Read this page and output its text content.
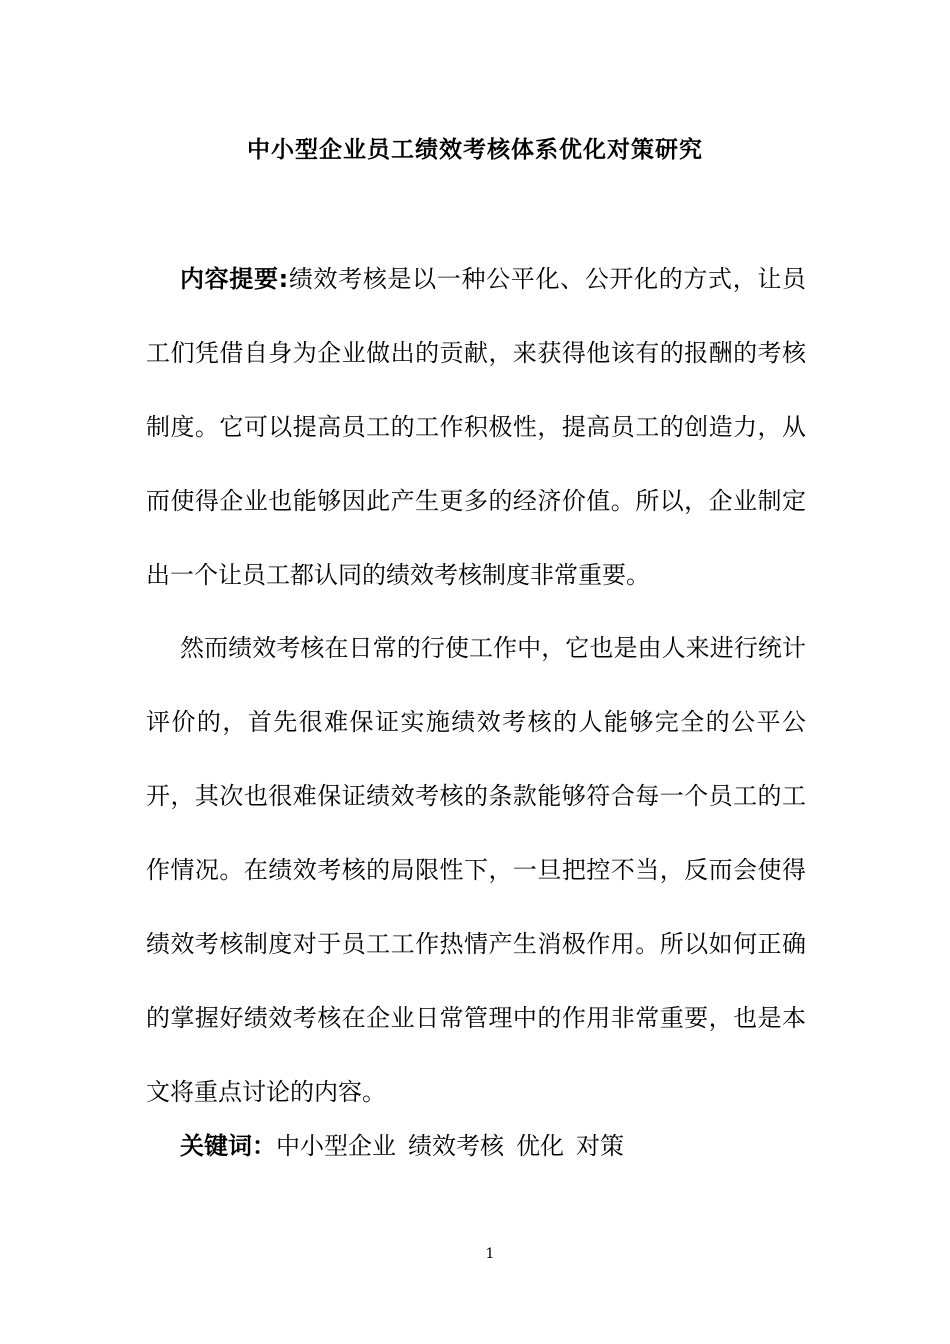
中小型企业员工绩效考核体系优化对策研究
内容提要:绩效考核是以一种公平化、公开化的方式，让员工们凭借自身为企业做出的贡献，来获得他该有的报酬的考核制度。它可以提高员工的工作积极性，提高员工的创造力，从而使得企业也能够因此产生更多的经济价值。所以，企业制定出一个让员工都认同的绩效考核制度非常重要。
然而绩效考核在日常的行使工作中，它也是由人来进行统计评价的，首先很难保证实施绩效考核的人能够完全的公平公开，其次也很难保证绩效考核的条款能够符合每一个员工的工作情况。在绩效考核的局限性下，一旦把控不当，反而会使得绩效考核制度对于员工工作热情产生消极作用。所以如何正确的掌握好绩效考核在企业日常管理中的作用非常重要，也是本文将重点讨论的内容。
关键词：中小型企业 绩效考核 优化 对策
1
